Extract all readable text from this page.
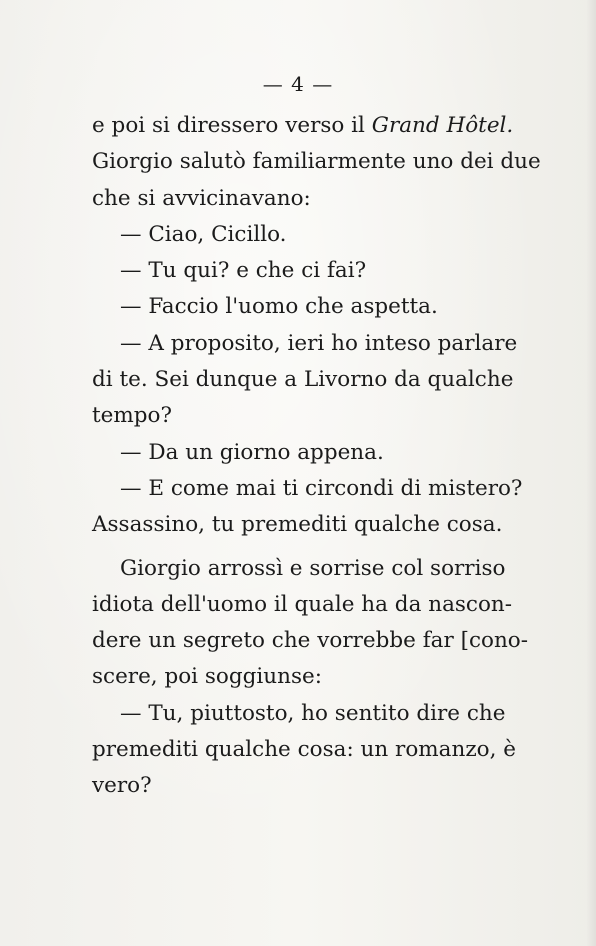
— 4 —
e poi si diressero verso il Grand Hôtel.
Giorgio salutò familiarmente uno dei due
che si avvicinavano:
— Ciao, Cicillo.
— Tu qui? e che ci fai?
— Faccio l'uomo che aspetta.
— A proposito, ieri ho inteso parlare
di te. Sei dunque a Livorno da qualche
tempo?
— Da un giorno appena.
— E come mai ti circondi di mistero?
Assassino, tu premediti qualche cosa.
Giorgio arrossì e sorrise col sorriso
idiota dell'uomo il quale ha da nascon-
dere un segreto che vorrebbe far [cono-
scere, poi soggiunse:
— Tu, piuttosto, ho sentito dire che
premediti qualche cosa: un romanzo, è
vero?
